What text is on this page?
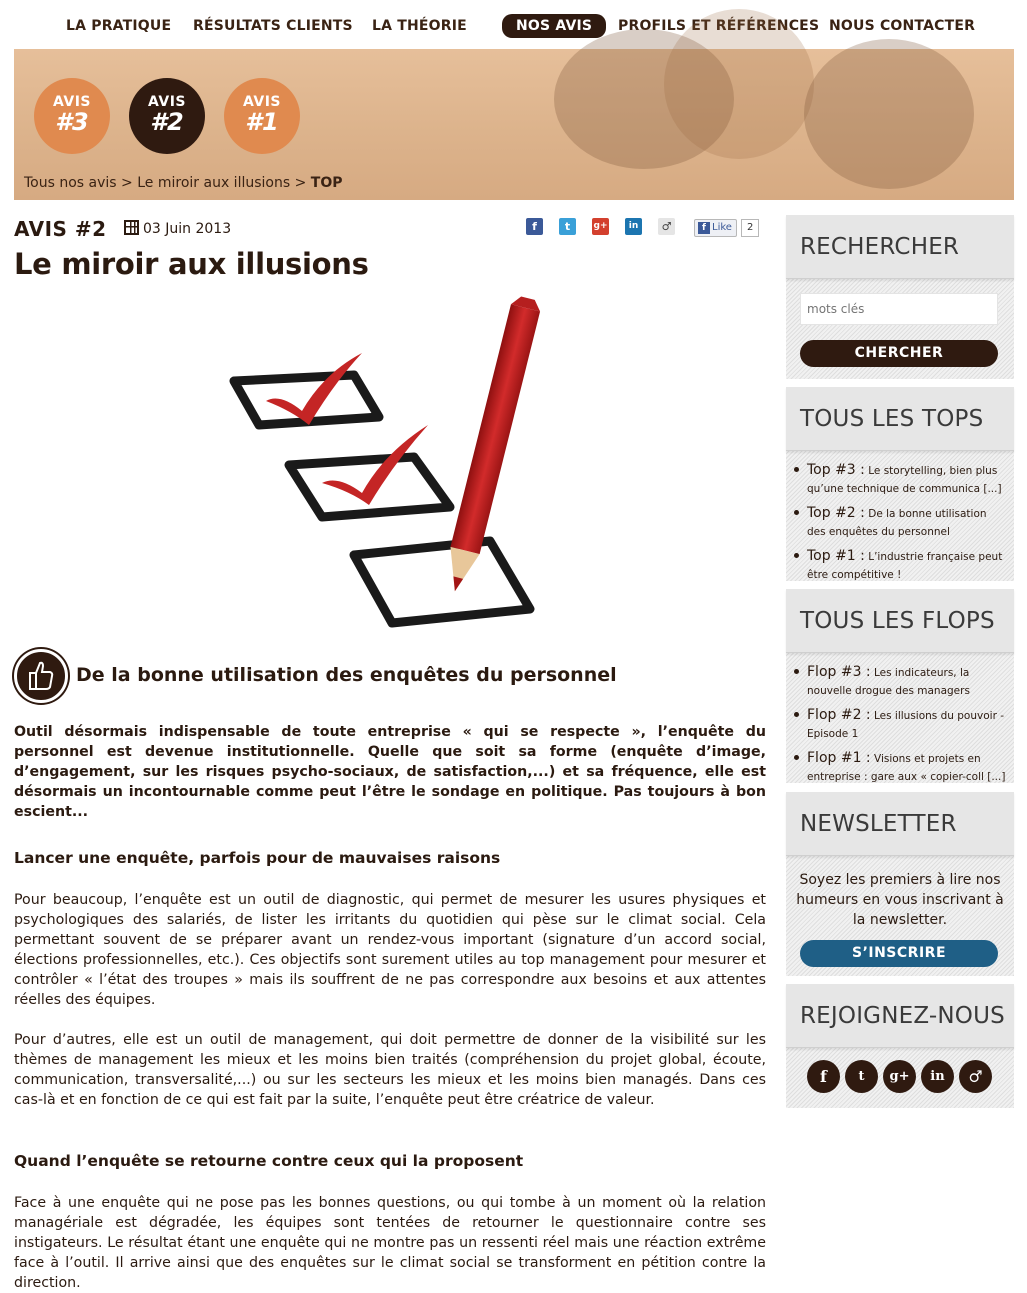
LA PRATIQUE RÉSULTATS CLIENTS LA THÉORIE	NOS AVIS	PROFILS ET RÉFÉRENCES NOUS CONTACTER
AVIS
#3
AVIS
#2
AVIS
#1
Tous nos avis > Le miroir aux illusions > TOP
AVIS #2	03 Juin 2013	f	t	g+	in	♂	f Like	2
Le miroir aux illusions
De la bonne utilisation des enquêtes du personnel

Outil désormais indispensable de toute entreprise « qui se respecte », l’enquête du personnel est devenue institutionnelle. Quelle que soit sa forme (enquête d’image, d’engagement, sur les risques psycho-sociaux, de satisfaction,...) et sa fréquence, elle est désormais un incontournable comme peut l’être le sondage en politique. Pas toujours à bon escient...

Lancer une enquête, parfois pour de mauvaises raisons

Pour beaucoup, l’enquête est un outil de diagnostic, qui permet de mesurer les usures physiques et psychologiques des salariés, de lister les irritants du quotidien qui pèse sur le climat social. Cela permettant souvent de se préparer avant un rendez-vous important (signature d’un accord social, élections professionnelles, etc.). Ces objectifs sont surement utiles au top management pour mesurer et contrôler « l’état des troupes » mais ils souffrent de ne pas correspondre aux besoins et aux attentes réelles des équipes.

Pour d’autres, elle est un outil de management, qui doit permettre de donner de la visibilité sur les thèmes de management les mieux et les moins bien traités (compréhension du projet global, écoute, communication, transversalité,...) ou sur les secteurs les mieux et les moins bien managés. Dans ces cas-là et en fonction de ce qui est fait par la suite, l’enquête peut être créatrice de valeur.

Quand l’enquête se retourne contre ceux qui la proposent

Face à une enquête qui ne pose pas les bonnes questions, ou qui tombe à un moment où la relation managériale est dégradée, les équipes sont tentées de retourner le questionnaire contre ses instigateurs. Le résultat étant une enquête qui ne montre pas un ressenti réel mais une réaction extrême face à l’outil. Il arrive ainsi que des enquêtes sur le climat social se transforment en pétition contre la direction.

RECHERCHER
mots clés
CHERCHER
TOUS LES TOPS
Top #3 : Le storytelling, bien plus qu’une technique de communica [...]
Top #2 : De la bonne utilisation des enquêtes du personnel
Top #1 : L’industrie française peut être compétitive !
TOUS LES FLOPS
Flop #3 : Les indicateurs, la nouvelle drogue des managers
Flop #2 : Les illusions du pouvoir - Episode 1
Flop #1 : Visions et projets en entreprise : gare aux « copier-coll [...]
NEWSLETTER
Soyez les premiers à lire nos humeurs en vous inscrivant à la newsletter.
S’INSCRIRE
REJOIGNEZ-NOUS
f	t	g+	in	♂
